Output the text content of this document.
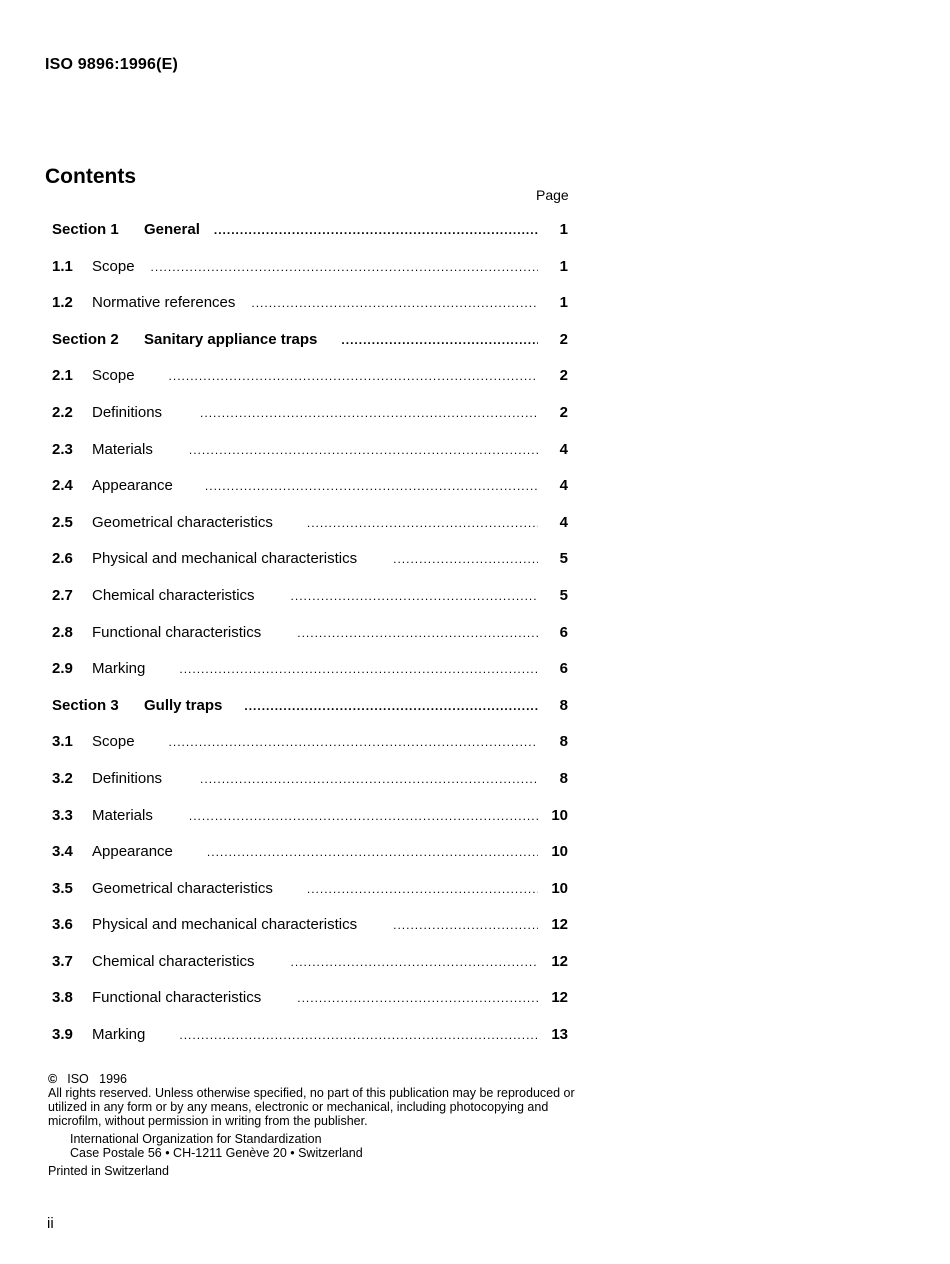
ISO 9896:1996(E)
Contents
Page
Section 1	General .....	1
1.1	Scope .....	1
1.2	Normative references .....	1
Section 2	Sanitary appliance traps .....	2
2.1	Scope .....	2
2.2	Definitions .....	2
2.3	Materials .....	4
2.4	Appearance .....	4
2.5	Geometrical characteristics .....	4
2.6	Physical and mechanical characteristics .....	5
2.7	Chemical characteristics .....	5
2.8	Functional characteristics .....	6
2.9	Marking .....	6
Section 3	Gully traps .....	8
3.1	Scope .....	8
3.2	Definitions .....	8
3.3	Materials .....	10
3.4	Appearance .....	10
3.5	Geometrical characteristics .....	10
3.6	Physical and mechanical characteristics .....	12
3.7	Chemical characteristics .....	12
3.8	Functional characteristics .....	12
3.9	Marking .....	13
© ISO   1996
All rights reserved. Unless otherwise specified, no part of this publication may be reproduced or utilized in any form or by any means, electronic or mechanical, including photocopying and microfilm, without permission in writing from the publisher.
International Organization for Standardization
Case Postale 56 • CH-1211 Genève 20 • Switzerland
Printed in Switzerland
ii
